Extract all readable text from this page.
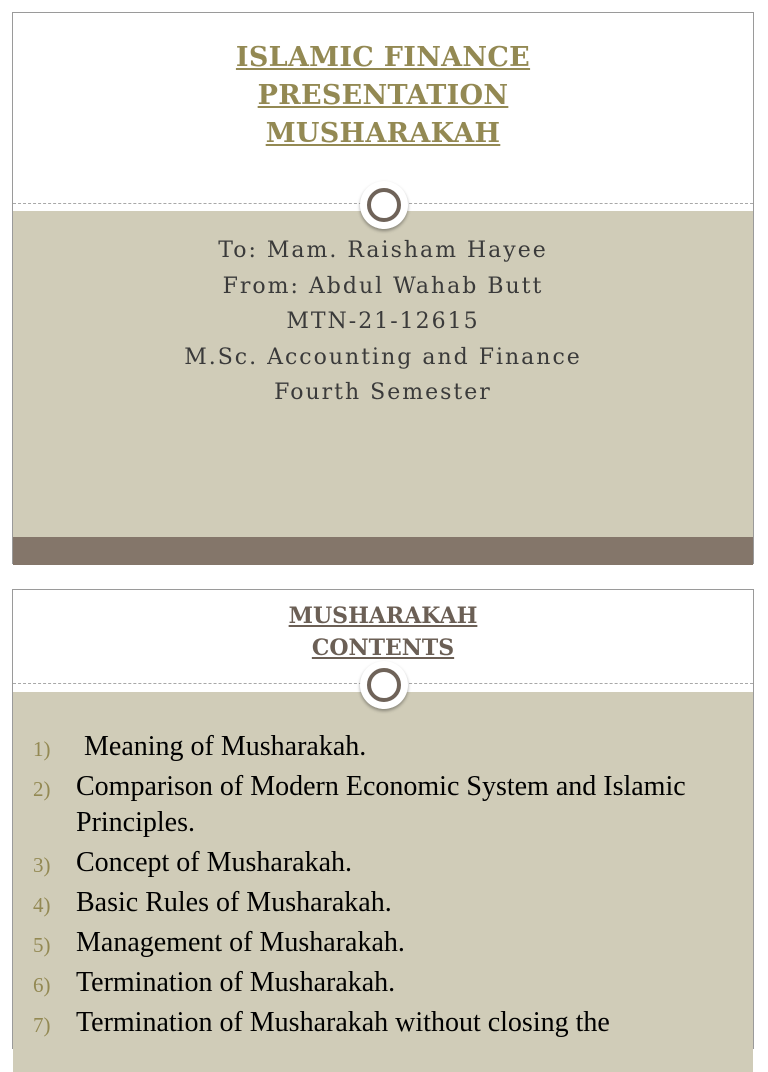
ISLAMIC FINANCE
PRESENTATION
MUSHARAKAH
To: Mam. Raisham Hayee
From: Abdul Wahab Butt
MTN-21-12615
M.Sc. Accounting and Finance
Fourth Semester
MUSHARAKAH
CONTENTS
1) Meaning of Musharakah.
2) Comparison of Modern Economic System and Islamic Principles.
3) Concept of Musharakah.
4) Basic Rules of Musharakah.
5) Management of Musharakah.
6) Termination of Musharakah.
7) Termination of Musharakah without closing the
